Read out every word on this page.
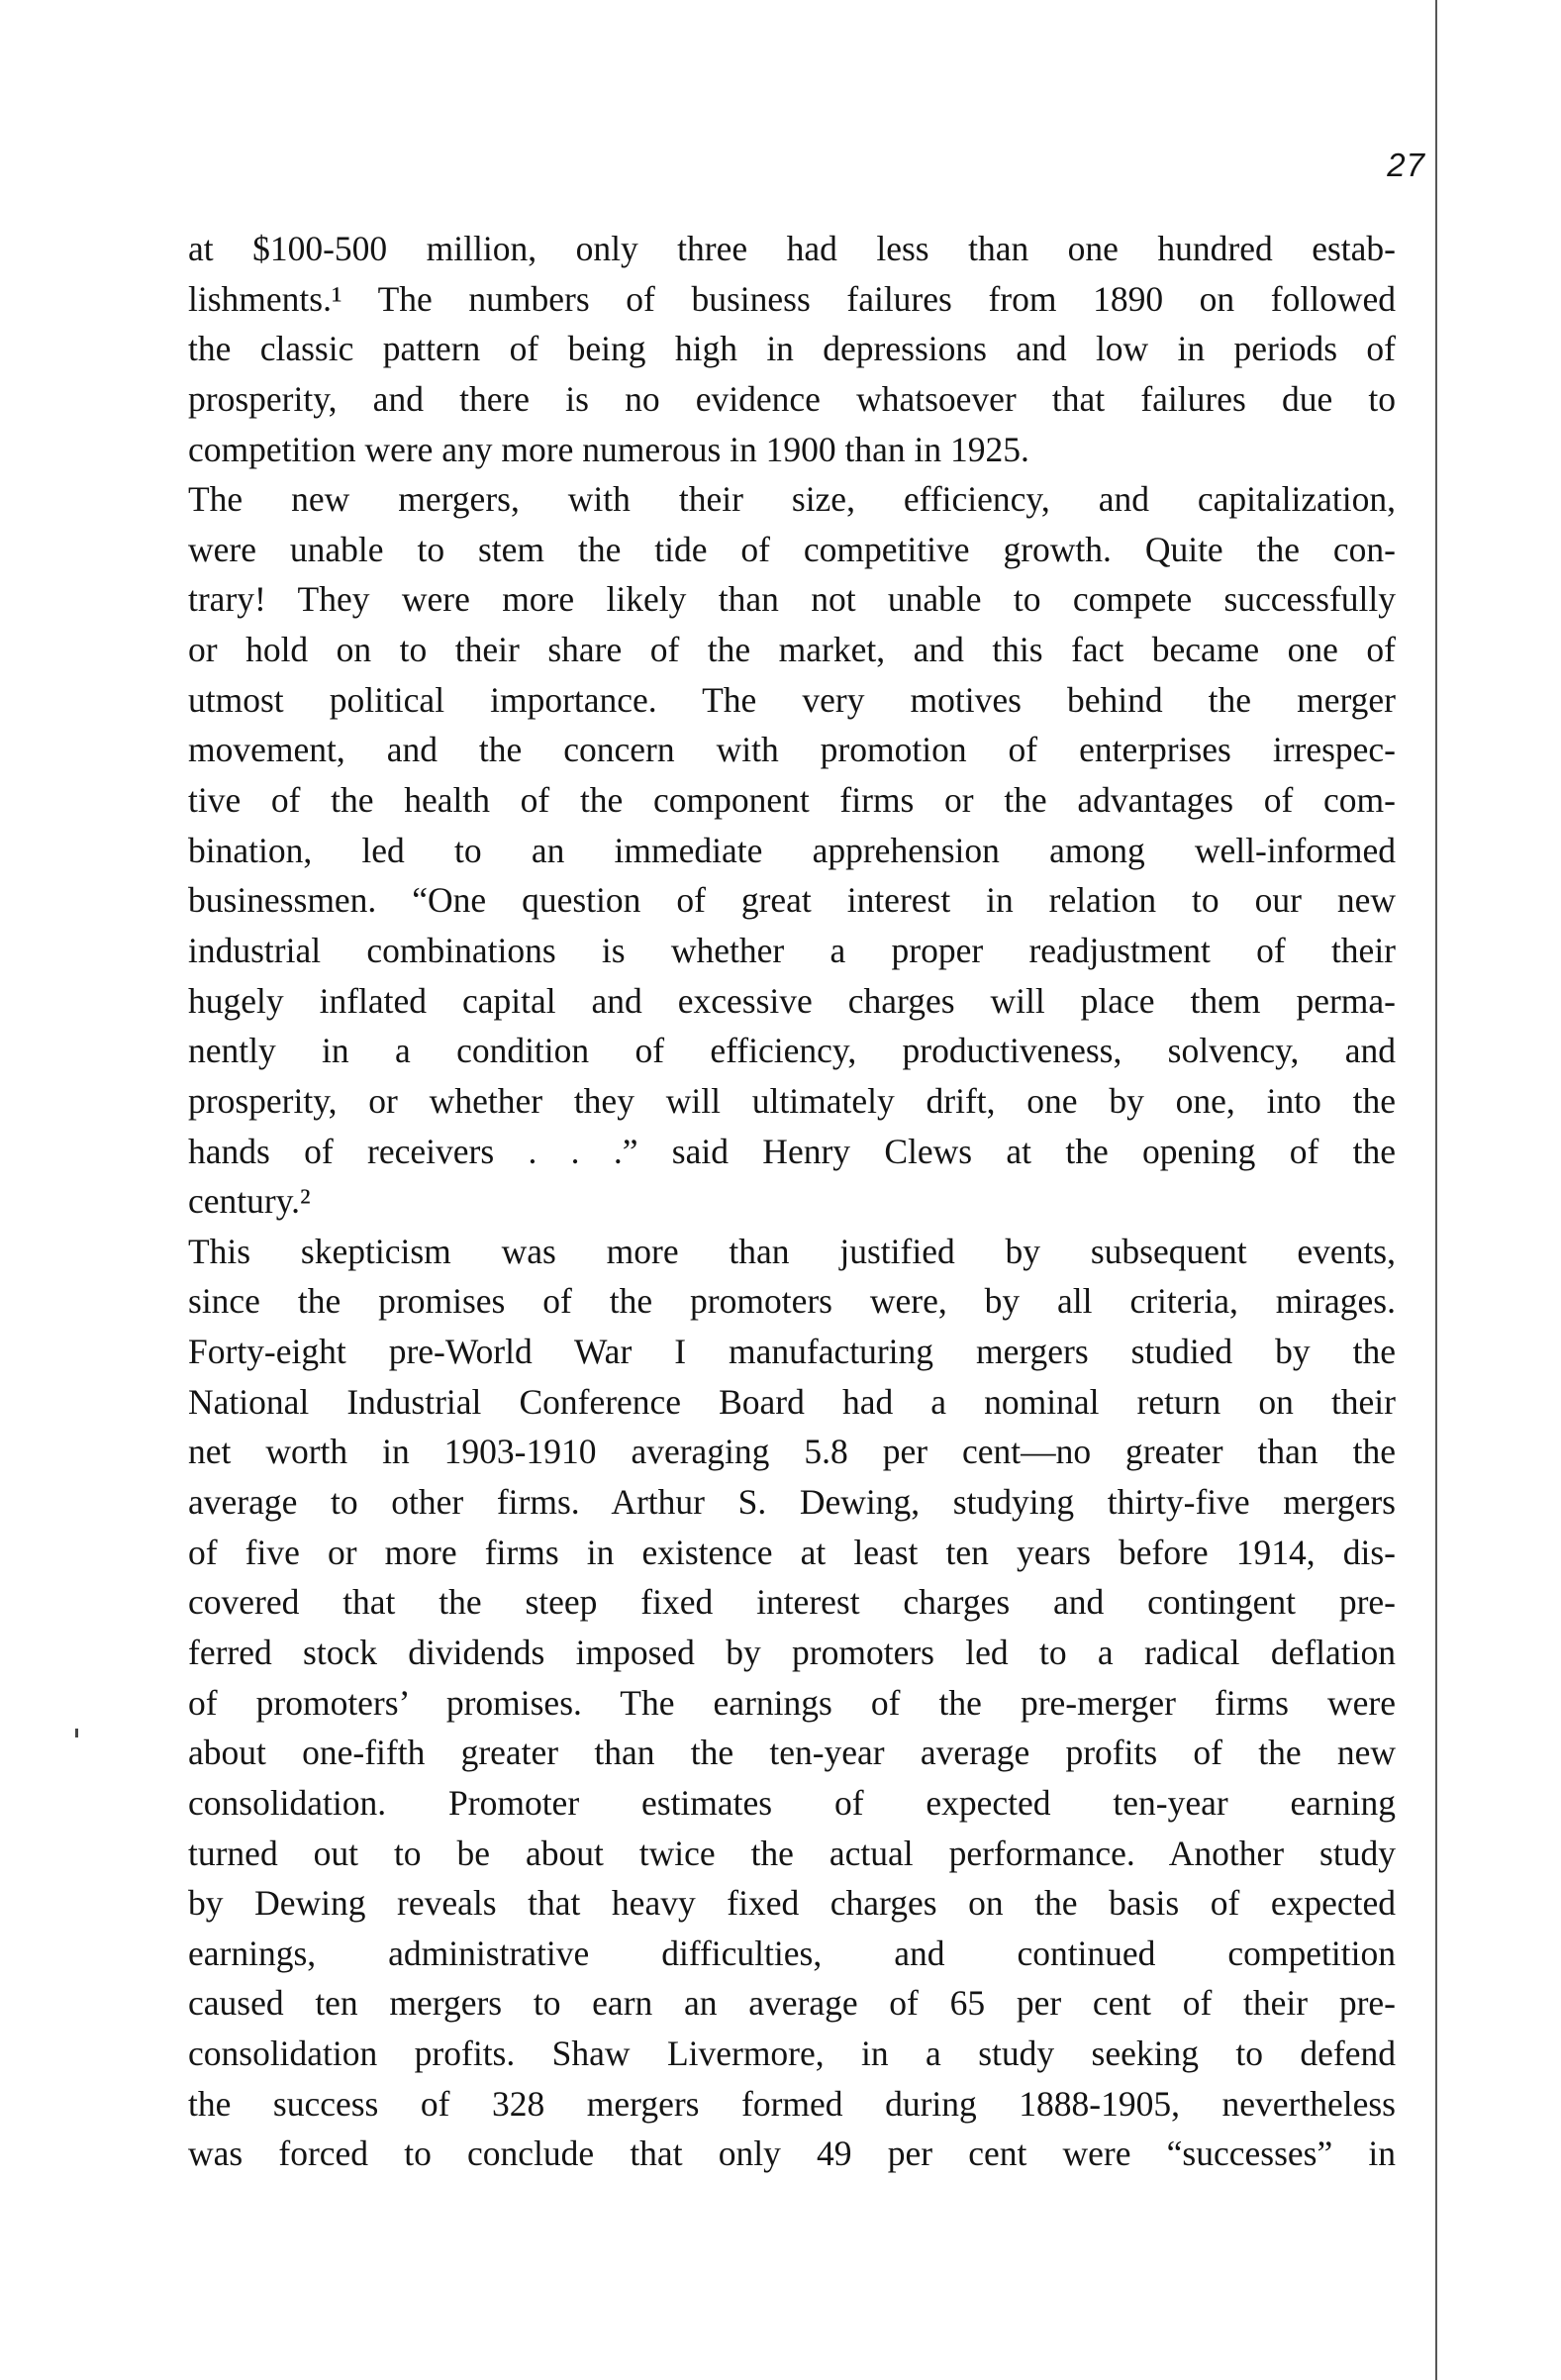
27
at $100-500 million, only three had less than one hundred estab-
lishments.¹ The numbers of business failures from 1890 on followed
the classic pattern of being high in depressions and low in periods of
prosperity, and there is no evidence whatsoever that failures due to
competition were any more numerous in 1900 than in 1925.
The new mergers, with their size, efficiency, and capitalization,
were unable to stem the tide of competitive growth. Quite the con-
trary! They were more likely than not unable to compete successfully
or hold on to their share of the market, and this fact became one of
utmost political importance. The very motives behind the merger
movement, and the concern with promotion of enterprises irrespec-
tive of the health of the component firms or the advantages of com-
bination, led to an immediate apprehension among well-informed
businessmen. “One question of great interest in relation to our new
industrial combinations is whether a proper readjustment of their
hugely inflated capital and excessive charges will place them perma-
nently in a condition of efficiency, productiveness, solvency, and
prosperity, or whether they will ultimately drift, one by one, into the
hands of receivers . . .” said Henry Clews at the opening of the
century.²
This skepticism was more than justified by subsequent events,
since the promises of the promoters were, by all criteria, mirages.
Forty-eight pre-World War I manufacturing mergers studied by the
National Industrial Conference Board had a nominal return on their
net worth in 1903-1910 averaging 5.8 per cent—no greater than the
average to other firms. Arthur S. Dewing, studying thirty-five mergers
of five or more firms in existence at least ten years before 1914, dis-
covered that the steep fixed interest charges and contingent pre-
ferred stock dividends imposed by promoters led to a radical deflation
of promoters’ promises. The earnings of the pre-merger firms were
about one-fifth greater than the ten-year average profits of the new
consolidation. Promoter estimates of expected ten-year earning
turned out to be about twice the actual performance. Another study
by Dewing reveals that heavy fixed charges on the basis of expected
earnings, administrative difficulties, and continued competition
caused ten mergers to earn an average of 65 per cent of their pre-
consolidation profits. Shaw Livermore, in a study seeking to defend
the success of 328 mergers formed during 1888-1905, nevertheless
was forced to conclude that only 49 per cent were “successes” in
